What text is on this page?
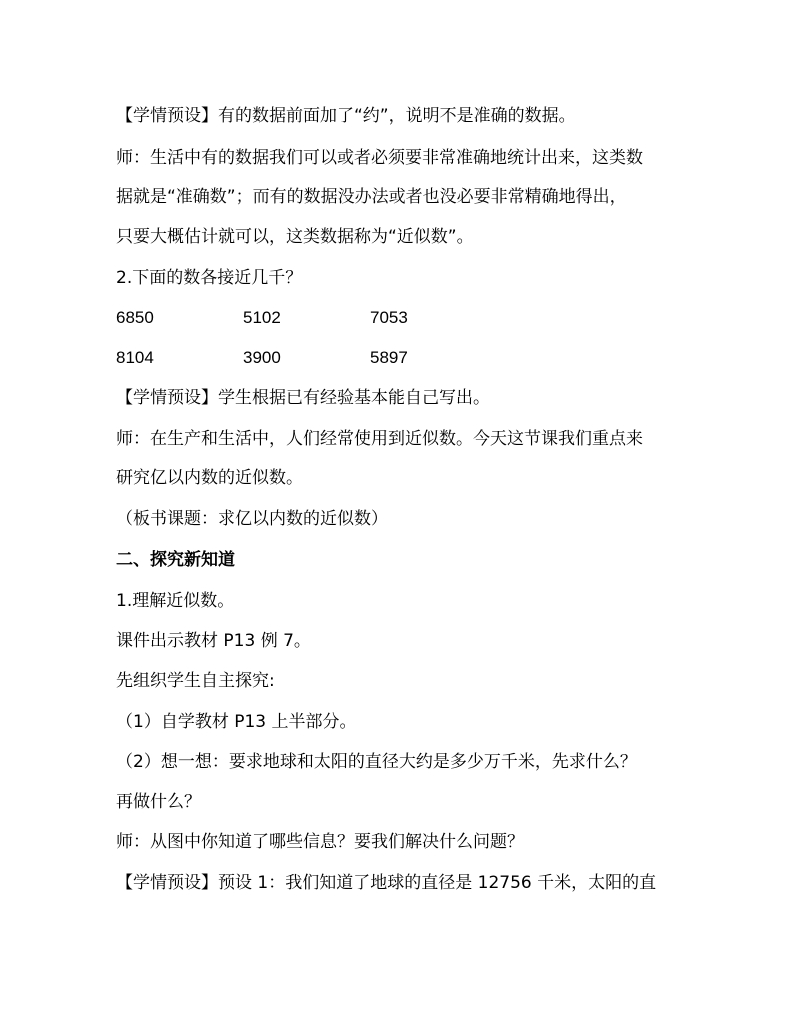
【学情预设】有的数据前面加了“约”，说明不是准确的数据。
师：生活中有的数据我们可以或者必须要非常准确地统计出来，这类数
据就是“准确数”；而有的数据没办法或者也没必要非常精确地得出，
只要大概估计就可以，这类数据称为“近似数”。
2.下面的数各接近几千？
6850	5102	7053
8104	3900	5897
【学情预设】学生根据已有经验基本能自己写出。
师：在生产和生活中，人们经常使用到近似数。今天这节课我们重点来
研究亿以内数的近似数。
（板书课题：求亿以内数的近似数）
二、探究新知道
1.理解近似数。
课件出示教材 P13 例 7。
先组织学生自主探究:
（1）自学教材 P13 上半部分。
（2）想一想：要求地球和太阳的直径大约是多少万千米，先求什么？
再做什么？
师：从图中你知道了哪些信息？要我们解决什么问题？
【学情预设】预设 1：我们知道了地球的直径是 12756 千米，太阳的直
